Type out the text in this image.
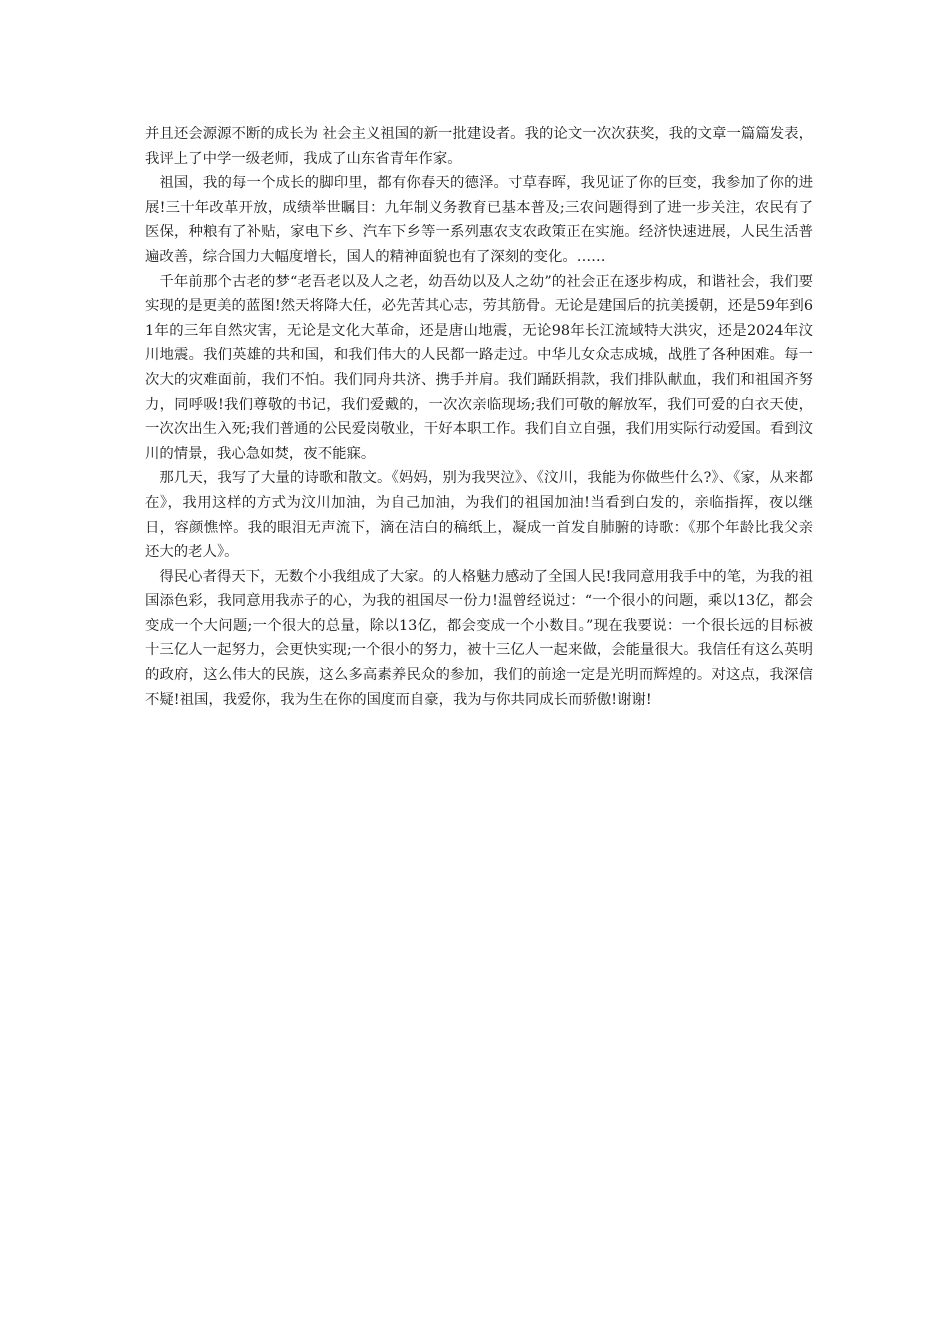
并且还会源源不断的成长为 社会主义祖国的新一批建设者。我的论文一次次获奖，我的文章一篇篇发表，我评上了中学一级老师，我成了山东省青年作家。

祖国，我的每一个成长的脚印里，都有你春天的德泽。寸草春晖，我见证了你的巨变，我参加了你的进展!三十年改革开放，成绩举世瞩目：九年制义务教育已基本普及;三农问题得到了进一步关注，农民有了医保，种粮有了补贴，家电下乡、汽车下乡等一系列惠农支农政策正在实施。经济快速进展，人民生活普遍改善，综合国力大幅度增长，国人的精神面貌也有了深刻的变化。……

千年前那个古老的梦“老吾老以及人之老，幼吾幼以及人之幼”的社会正在逐步构成，和谐社会，我们要实现的是更美的蓝图!然天将降大任，必先苦其心志，劳其筋骨。无论是建国后的抗美援朝，还是59年到61年的三年自然灾害，无论是文化大革命，还是唐山地震，无论98年长江流域特大洪灾，还是2024年汶川地震。我们英雄的共和国，和我们伟大的人民都一路走过。中华儿女众志成城，战胜了各种困难。每一次大的灾难面前，我们不怕。我们同舟共济、携手并肩。我们踊跃捐款，我们排队献血，我们和祖国齐努力，同呼吸!我们尊敬的书记，我们爱戴的，一次次亲临现场;我们可敬的解放军，我们可爱的白衣天使，一次次出生入死;我们普通的公民爱岗敬业，干好本职工作。我们自立自强，我们用实际行动爱国。看到汶川的情景，我心急如焚，夜不能寐。

那几天，我写了大量的诗歌和散文。《妈妈，别为我哭泣》、《汶川，我能为你做些什么?》、《家，从来都在》，我用这样的方式为汶川加油，为自己加油，为我们的祖国加油!当看到白发的，亲临指挥，夜以继日，容颜憔悴。我的眼泪无声流下，滴在洁白的稿纸上，凝成一首发自肺腑的诗歌：《那个年龄比我父亲还大的老人》。

得民心者得天下，无数个小我组成了大家。的人格魅力感动了全国人民!我同意用我手中的笔，为我的祖国添色彩，我同意用我赤子的心，为我的祖国尽一份力!温曾经说过：“一个很小的问题，乘以13亿，都会变成一个大问题;一个很大的总量，除以13亿，都会变成一个小数目。”现在我要说：一个很长远的目标被十三亿人一起努力，会更快实现;一个很小的努力，被十三亿人一起来做，会能量很大。我信任有这么英明的政府，这么伟大的民族，这么多高素养民众的参加，我们的前途一定是光明而辉煌的。对这点，我深信不疑!祖国，我爱你，我为生在你的国度而自豪，我为与你共同成长而骄傲!谢谢!
